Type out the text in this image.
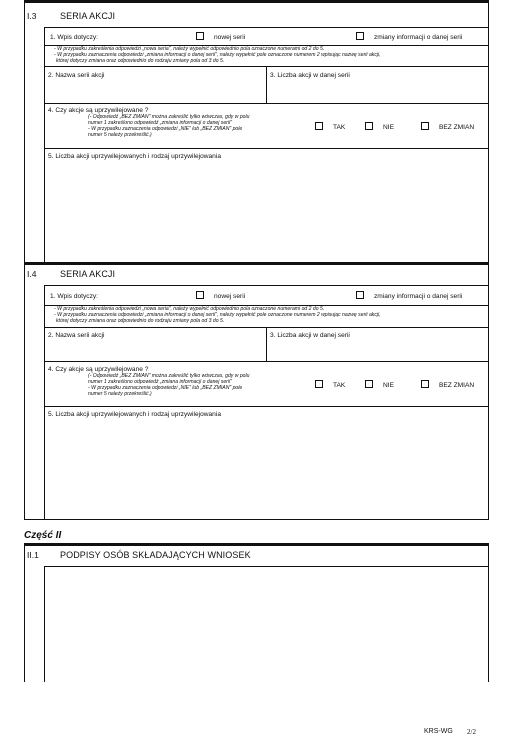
I.3	SERIA AKCJI
1. Wpis dotyczy:	nowej serii	zmiany informacji o danej serii
- W przypadku zakreślenia odpowiedzi „nowa seria", należy wypełnić odpowiednio pola oznaczone numerami od 2 do 5.
- W przypadku zaznaczenia odpowiedzi „zmiana informacji o danej serii", należy wypełnić pole oznaczone numerem 2 wpisując nazwę serii akcji,
której dotyczy zmiana oraz odpowiednio do rodzaju zmiany pola od 3 do 5.
2. Nazwa serii akcji	3. Liczba akcji w danej serii
4. Czy akcje są uprzywilejowane ?
(- Odpowiedź „BEZ ZMIAN" można zakreślić tylko wówczas, gdy w polu
numer 1 zakreślono odpowiedź „zmiana informacji o danej serii"
- W przypadku zaznaczenia odpowiedzi „NIE" lub „BEZ ZMIAN" pole
numer 5 należy przekreślić.)
TAK	NIE	BEZ ZMIAN
5. Liczba akcji uprzywilejowanych i rodzaj uprzywilejowania
I.4	SERIA AKCJI
1. Wpis dotyczy:	nowej serii	zmiany informacji o danej serii
- W przypadku zakreślenia odpowiedzi „nowa seria", należy wypełnić odpowiednio pola oznaczone numerami od 2 do 5.
- W przypadku zaznaczenia odpowiedzi „zmiana informacji o danej serii", należy wypełnić pole oznaczone numerem 2 wpisując nazwę serii akcji,
której dotyczy zmiana oraz odpowiednio do rodzaju zmiany pola od 3 do 5.
2. Nazwa serii akcji	3. Liczba akcji w danej serii
4. Czy akcje są uprzywilejowane ?
(- Odpowiedź „BEZ ZMIAN" można zakreślić tylko wówczas, gdy w polu
numer 1 zakreślono odpowiedź „zmiana informacji o danej serii"
- W przypadku zaznaczenia odpowiedzi „NIE" lub „BEZ ZMIAN" pole
numer 5 należy przekreślić.)
TAK	NIE	BEZ ZMIAN
5. Liczba akcji uprzywilejowanych i rodzaj uprzywilejowania
Część II
II.1 PODPISY OSÓB SKŁADAJĄCYCH WNIOSEK
KRS-WG 2/2
